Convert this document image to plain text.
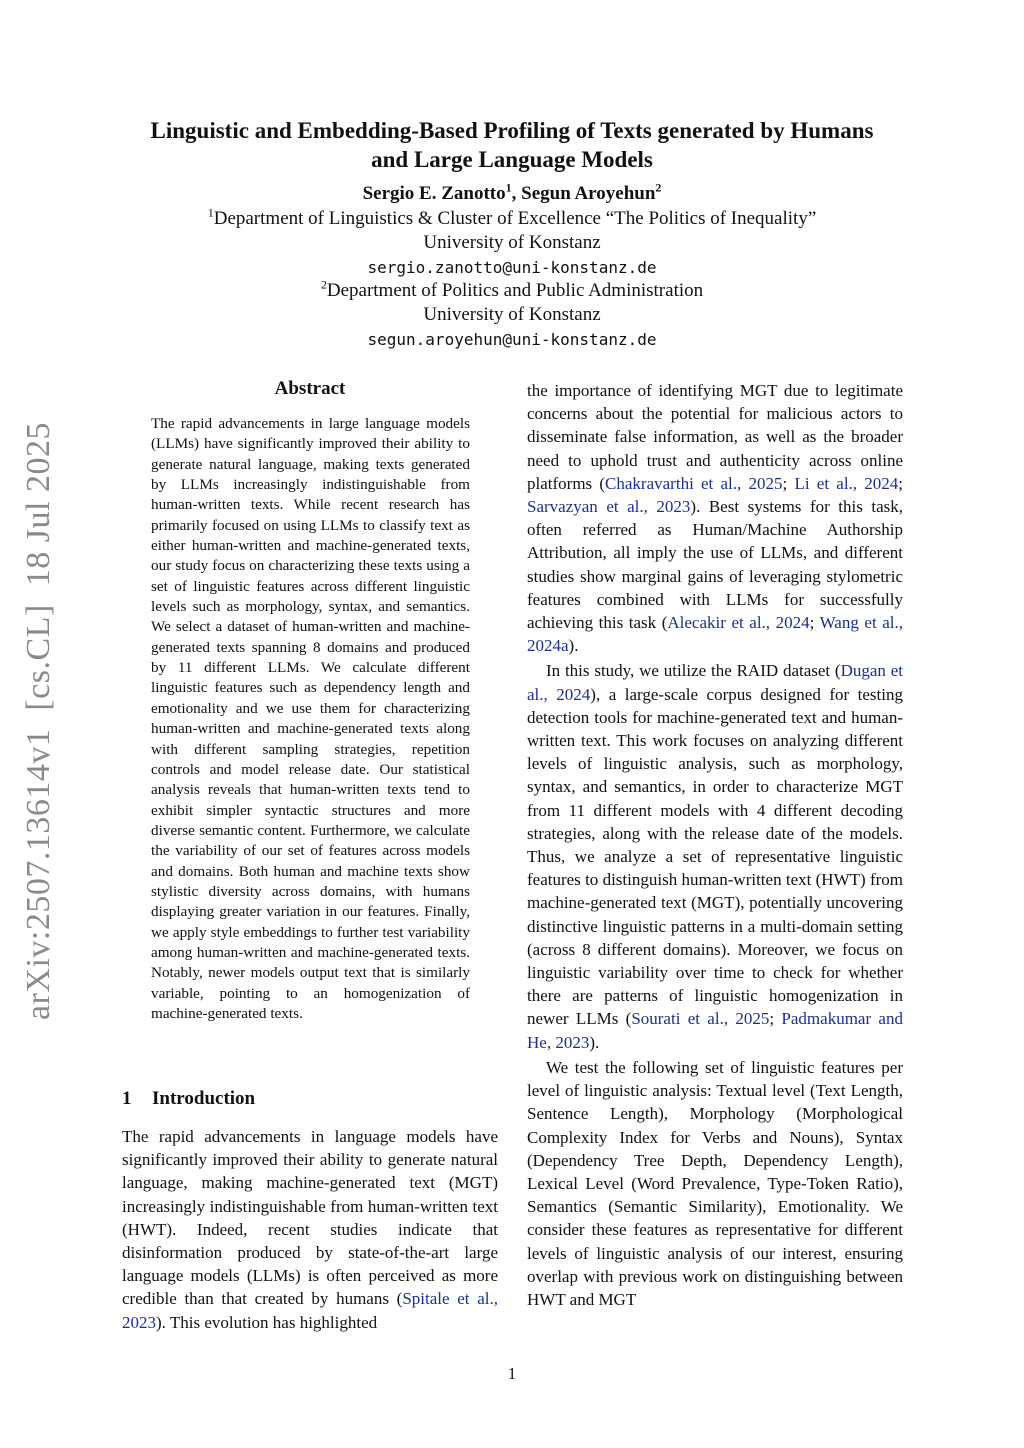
arXiv:2507.13614v1[cs.CL]18 Jul 2025
Linguistic and Embedding-Based Profiling of Texts generated by Humans
and Large Language Models
Sergio E. Zanotto$^1$, Segun Aroyehun$^2$
$^1$Department of Linguistics & Cluster of Excellence “The Politics of Inequality”
University of Konstanz
sergio.zanotto@uni-konstanz.de
$^2$Department of Politics and Public Administration
University of Konstanz
segun.aroyehun@uni-konstanz.de
Abstract
The rapid advancements in large language models (LLMs) have significantly improved their ability to generate natural language, making texts generated by LLMs increasingly indistinguishable from human-written texts. While recent research has primarily focused on using LLMs to classify text as either human-written and machine-generated texts, our study focus on characterizing these texts using a set of linguistic features across different linguistic levels such as morphology, syntax, and semantics. We select a dataset of human-written and machine-generated texts spanning 8 domains and produced by 11 different LLMs. We calculate different linguistic features such as dependency length and emotionality and we use them for characterizing human-written and machine-generated texts along with different sampling strategies, repetition controls and model release date. Our statistical analysis reveals that human-written texts tend to exhibit simpler syntactic structures and more diverse semantic content. Furthermore, we calculate the variability of our set of features across models and domains. Both human and machine texts show stylistic diversity across domains, with humans displaying greater variation in our features. Finally, we apply style embeddings to further test variability among human-written and machine-generated texts. Notably, newer models output text that is similarly variable, pointing to an homogenization of machine-generated texts.
1 Introduction
The rapid advancements in language models have significantly improved their ability to generate natural language, making machine-generated text (MGT) increasingly indistinguishable from human-written text (HWT). Indeed, recent studies indicate that disinformation produced by state-of-the-art large language models (LLMs) is often perceived as more credible than that created by humans (Spitale et al., 2023). This evolution has highlighted

the importance of identifying MGT due to legitimate concerns about the potential for malicious actors to disseminate false information, as well as the broader need to uphold trust and authenticity across online platforms (Chakravarthi et al., 2025; Li et al., 2024; Sarvazyan et al., 2023). Best systems for this task, often referred as Human/Machine Authorship Attribution, all imply the use of LLMs, and different studies show marginal gains of leveraging stylometric features combined with LLMs for successfully achieving this task (Alecakir et al., 2024; Wang et al., 2024a).

In this study, we utilize the RAID dataset (Dugan et al., 2024), a large-scale corpus designed for testing detection tools for machine-generated text and human-written text. This work focuses on analyzing different levels of linguistic analysis, such as morphology, syntax, and semantics, in order to characterize MGT from 11 different models with 4 different decoding strategies, along with the release date of the models. Thus, we analyze a set of representative linguistic features to distinguish human-written text (HWT) from machine-generated text (MGT), potentially uncovering distinctive linguistic patterns in a multi-domain setting (across 8 different domains). Moreover, we focus on linguistic variability over time to check for whether there are patterns of linguistic homogenization in newer LLMs (Sourati et al., 2025; Padmakumar and He, 2023).

We test the following set of linguistic features per level of linguistic analysis: Textual level (Text Length, Sentence Length), Morphology (Morphological Complexity Index for Verbs and Nouns), Syntax (Dependency Tree Depth, Dependency Length), Lexical Level (Word Prevalence, Type-Token Ratio), Semantics (Semantic Similarity), Emotionality. We consider these features as representative for different levels of linguistic analysis of our interest, ensuring overlap with previous work on distinguishing between HWT and MGT

1
